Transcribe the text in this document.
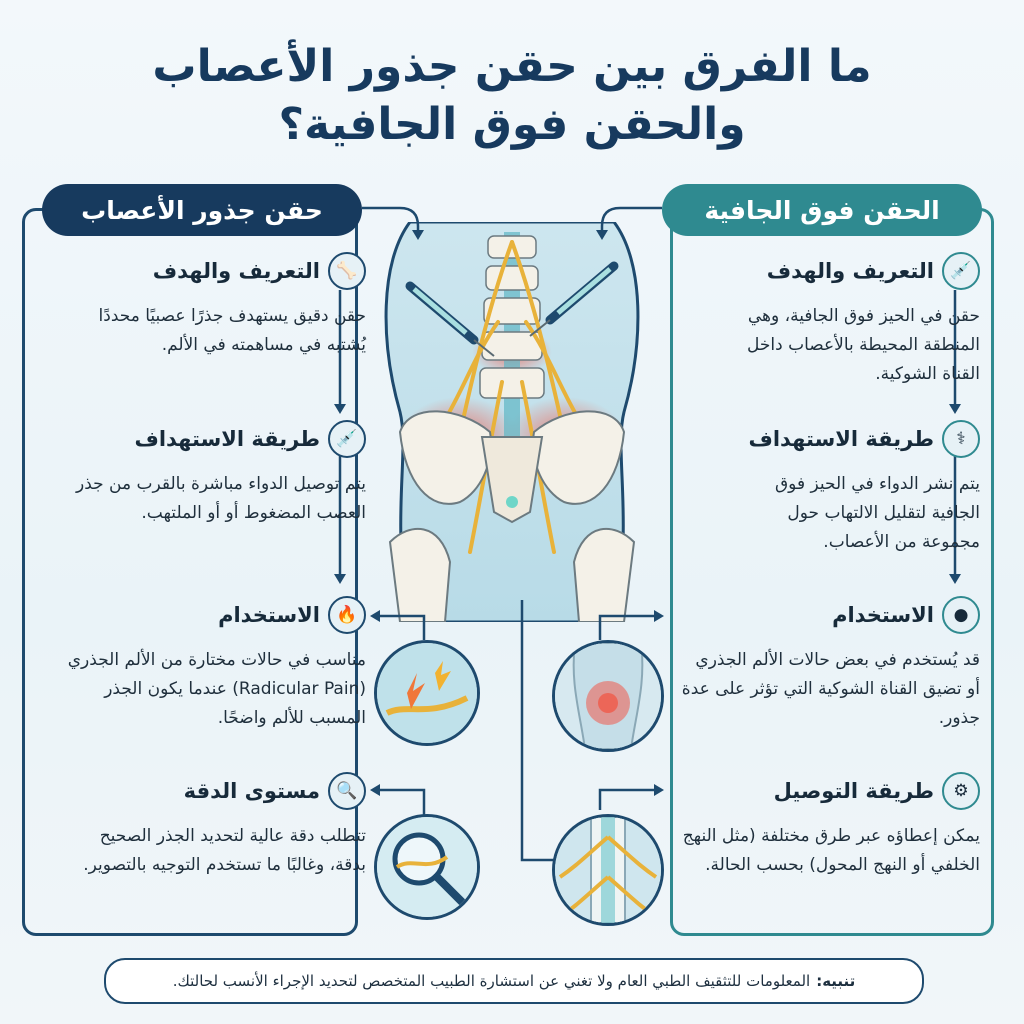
ما الفرق بين حقن جذور الأعصاب
والحقن فوق الجافية؟
حقن جذور الأعصاب	الحقن فوق الجافية
🦴
التعريف والهدف
حقن دقيق يستهدف جذرًا عصبيًا محددًا يُشتبه في مساهمته في الألم.
💉
طريقة الاستهداف
يتم توصيل الدواء مباشرة بالقرب من جذر العصب المضغوط أو أو الملتهب.
🔥
الاستخدام
مناسب في حالات مختارة من الألم الجذري (Radicular Pain) عندما يكون الجذر المسبب للألم واضحًا.
🔍
مستوى الدقة
تتطلب دقة عالية لتحديد الجذر الصحيح بدقة، وغالبًا ما تستخدم التوجيه بالتصوير.
💉
التعريف والهدف
حقن في الحيز فوق الجافية، وهي المنطقة المحيطة بالأعصاب داخل القناة الشوكية.
⚕
طريقة الاستهداف
يتم نشر الدواء في الحيز فوق الجافية لتقليل الالتهاب حول مجموعة من الأعصاب.
●
الاستخدام
قد يُستخدم في بعض حالات الألم الجذري أو تضيق القناة الشوكية التي تؤثر على عدة جذور.
⚙
طريقة التوصيل
يمكن إعطاؤه عبر طرق مختلفة (مثل النهج الخلفي أو النهج المحول) بحسب الحالة.
تنبيه:
المعلومات للتثقيف الطبي العام ولا تغني عن استشارة الطبيب المتخصص لتحديد الإجراء الأنسب لحالتك.
